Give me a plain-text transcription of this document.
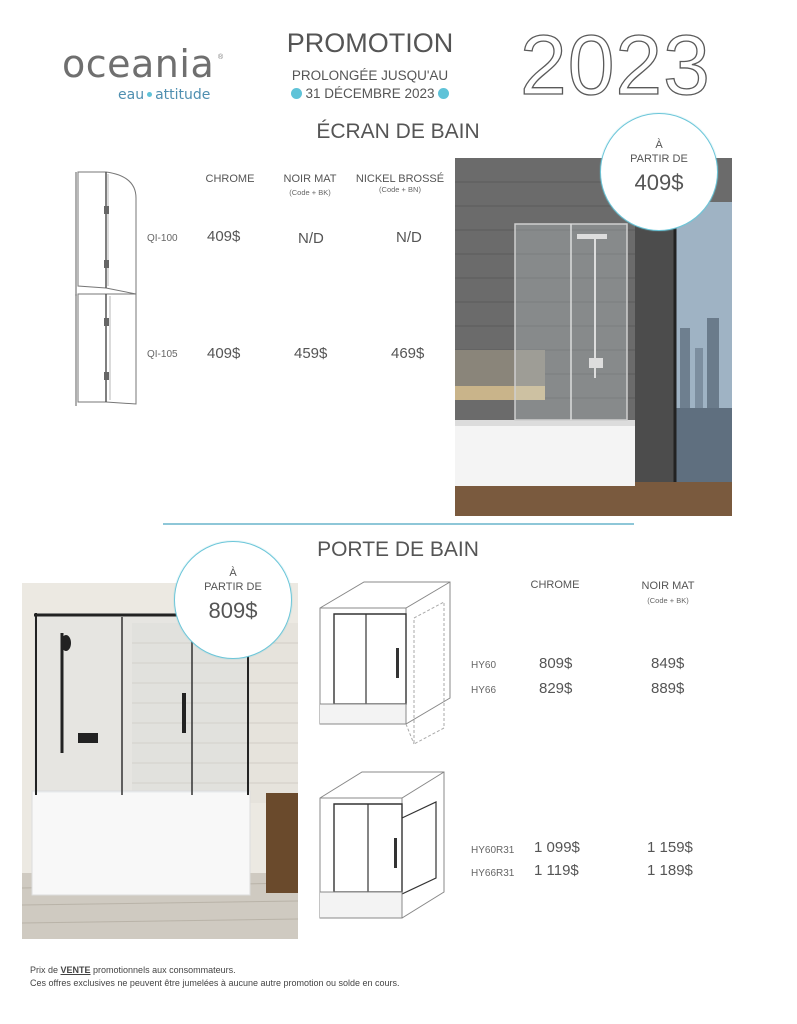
oceania ®
eau attitude
PROMOTION
PROLONGÉE JUSQU'AU
31 DÉCEMBRE 2023	2023
ÉCRAN DE BAIN
CHROME	NOIR MAT
(Code + BK)
NICKEL BROSSÉ
(Code + BN)
QI-100 409$	N/D	N/D
QI-105 409$	459$	469$
À
PARTIR DE
409$
PORTE DE BAIN
À
PARTIR DE
809$
CHROME	NOIR MAT
(Code + BK)
HY60	809$	849$
HY66	829$	889$
HY60R31 1 099$	1 159$
HY66R31 1 119$	1 189$
Prix de VENTE promotionnels aux consommateurs.
Ces offres exclusives ne peuvent être jumelées à aucune autre promotion ou solde en cours.
